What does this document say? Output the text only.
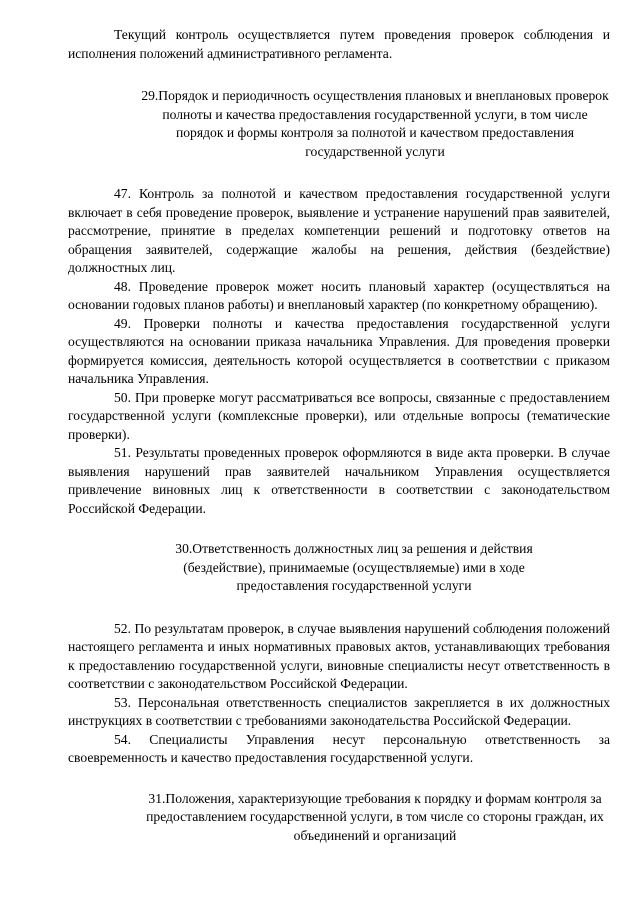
Текущий контроль осуществляется путем проведения проверок соблюдения и исполнения положений административного регламента.

29.Порядок и периодичность осуществления плановых и внеплановых проверок полноты и качества предоставления государственной услуги, в том числе порядок и формы контроля за полнотой и качеством предоставления государственной услуги

47. Контроль за полнотой и качеством предоставления государственной услуги включает в себя проведение проверок, выявление и устранение нарушений прав заявителей, рассмотрение, принятие в пределах компетенции решений и подготовку ответов на обращения заявителей, содержащие жалобы на решения, действия (бездействие) должностных лиц.

48. Проведение проверок может носить плановый характер (осуществляться на основании годовых планов работы) и внеплановый характер (по конкретному обращению).

49. Проверки полноты и качества предоставления государственной услуги осуществляются на основании приказа начальника Управления. Для проведения проверки формируется комиссия, деятельность которой осуществляется в соответствии с приказом начальника Управления.

50. При проверке могут рассматриваться все вопросы, связанные с предоставлением государственной услуги (комплексные проверки), или отдельные вопросы (тематические проверки).

51. Результаты проведенных проверок оформляются в виде акта проверки. В случае выявления нарушений прав заявителей начальником Управления осуществляется привлечение виновных лиц к ответственности в соответствии с законодательством Российской Федерации.

30.Ответственность должностных лиц за решения и действия (бездействие), принимаемые (осуществляемые) ими в ходе предоставления государственной услуги

52. По результатам проверок, в случае выявления нарушений соблюдения положений настоящего регламента и иных нормативных правовых актов, устанавливающих требования к предоставлению государственной услуги, виновные специалисты несут ответственность в соответствии с законодательством Российской Федерации.

53. Персональная ответственность специалистов закрепляется в их должностных инструкциях в соответствии с требованиями законодательства Российской Федерации.

54. Специалисты Управления несут персональную ответственность за своевременность и качество предоставления государственной услуги.

31.Положения, характеризующие требования к порядку и формам контроля за предоставлением государственной услуги, в том числе со стороны граждан, их объединений и организаций
